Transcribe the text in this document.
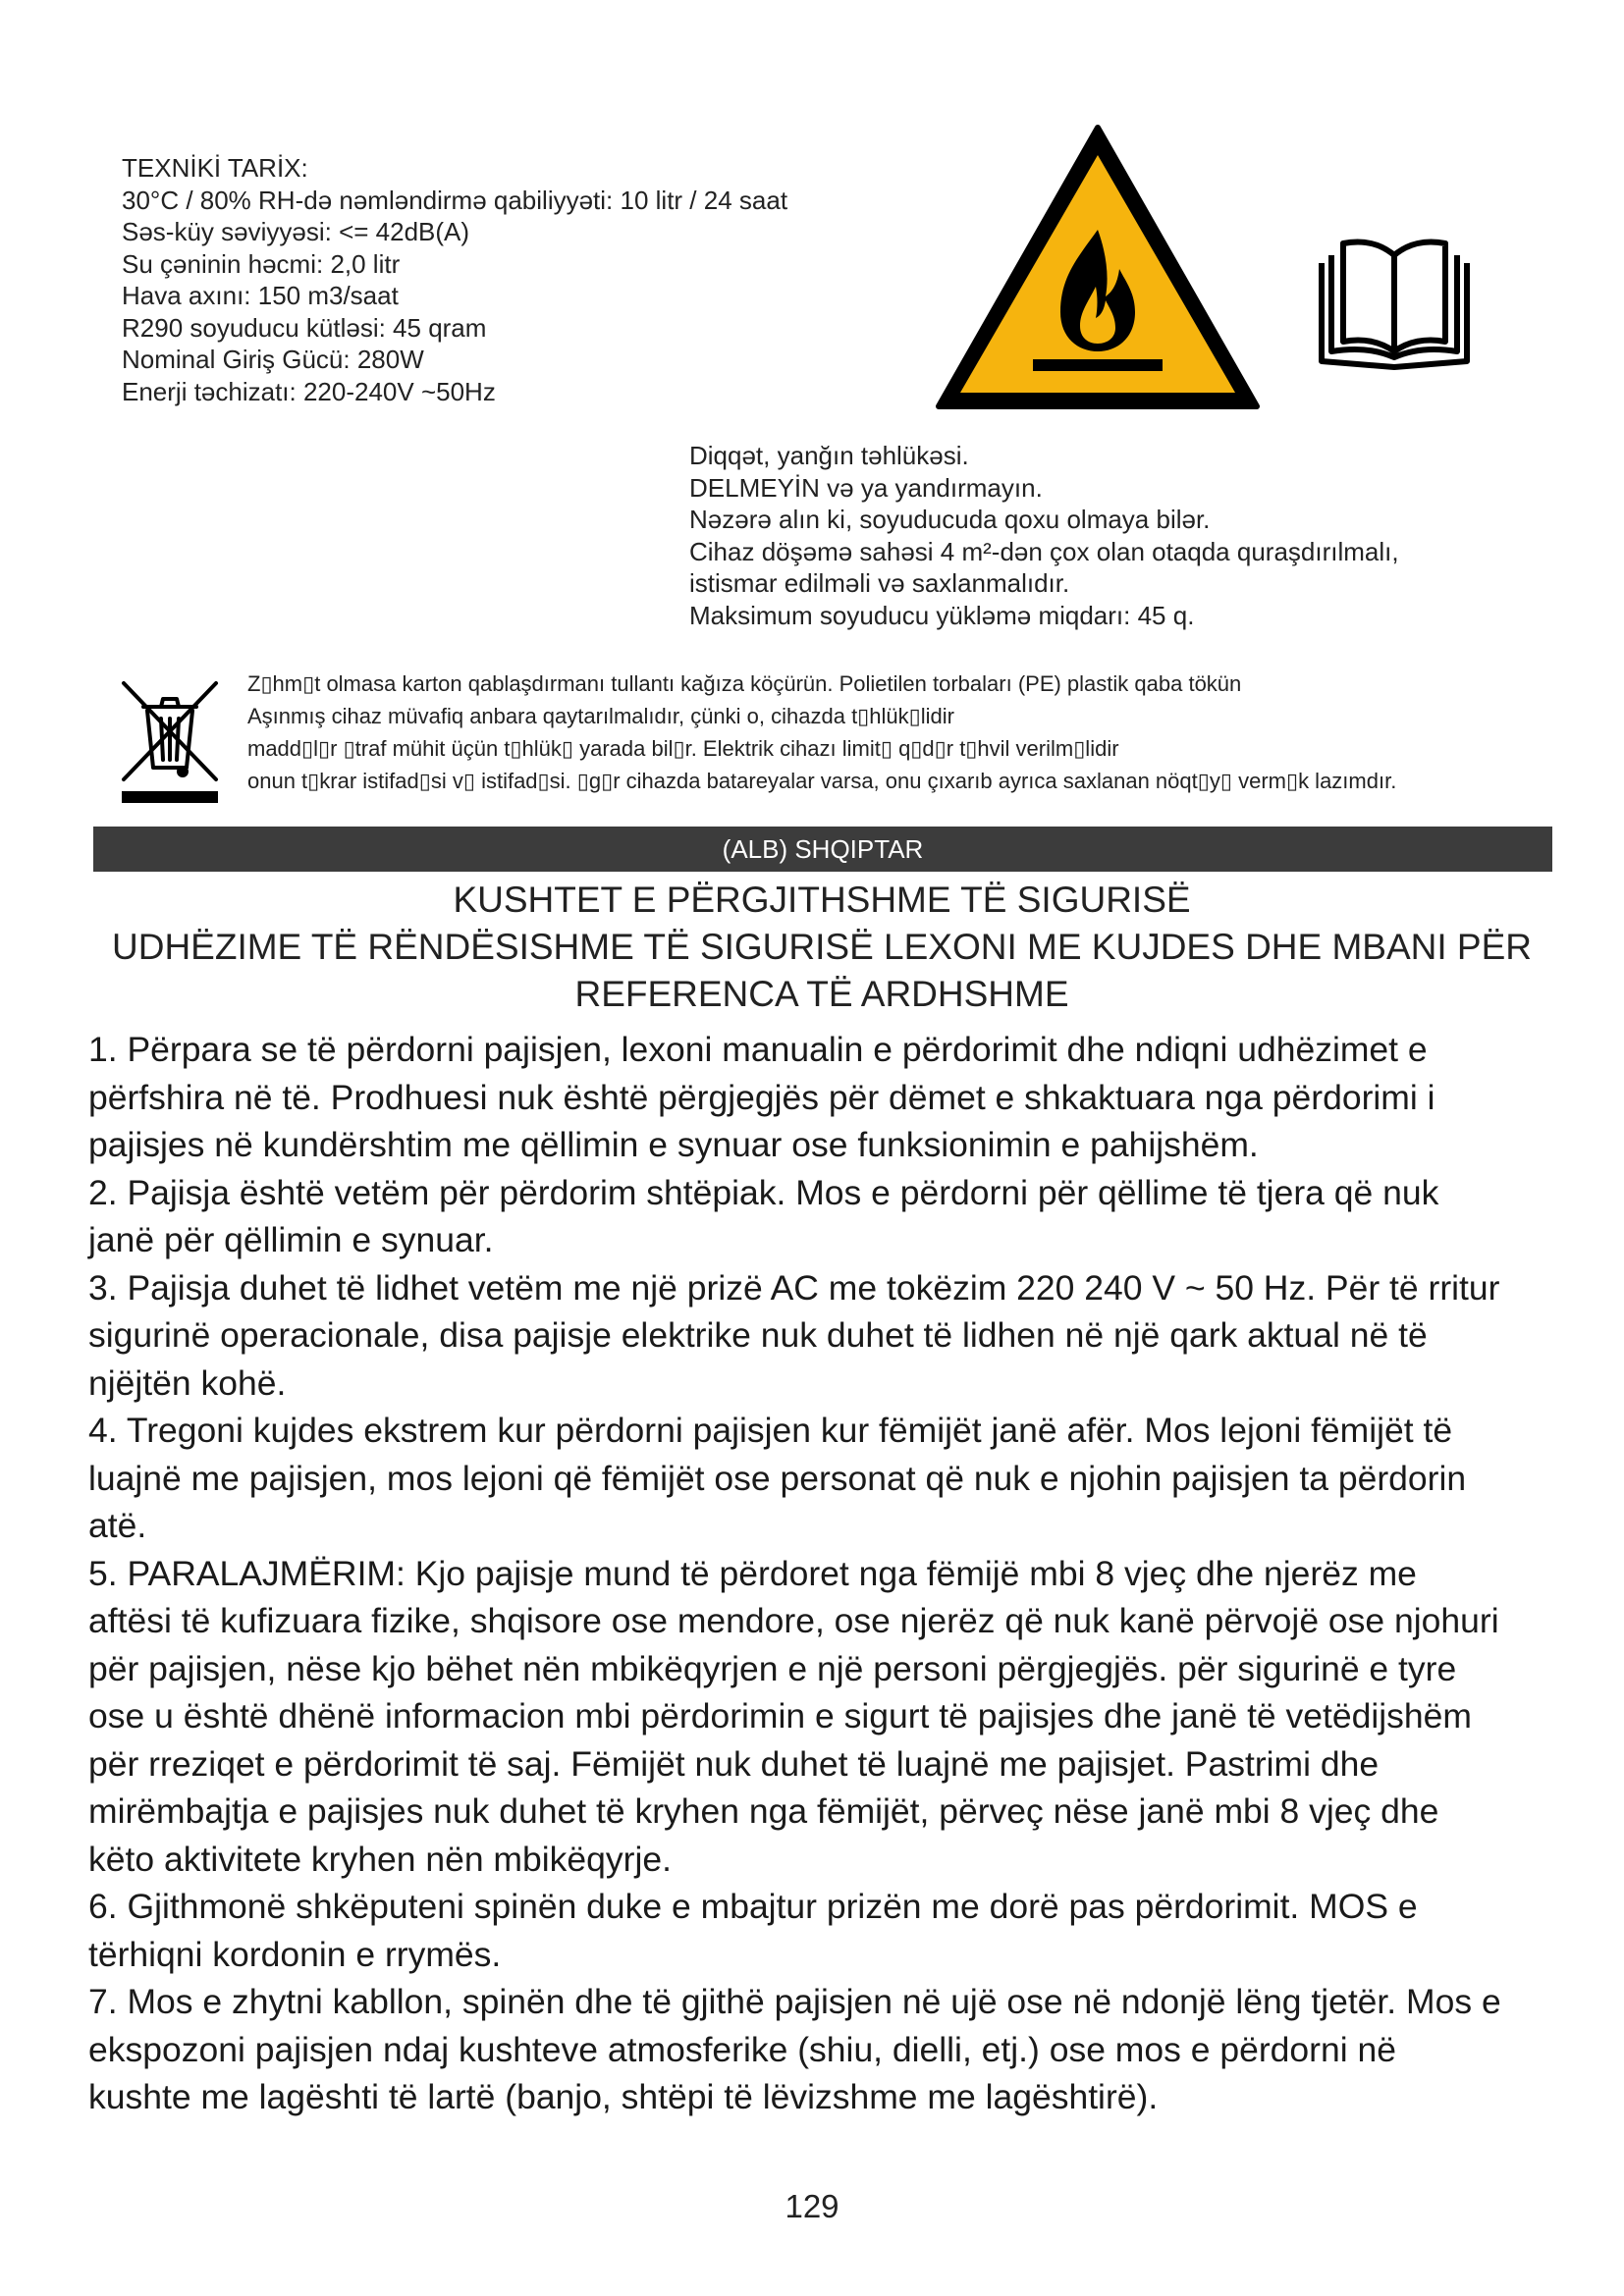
TEXNİKİ TARİX:
30°C / 80% RH-də nəmləndirmə qabiliyyəti: 10 litr / 24 saat
Səs-küy səviyyəsi: <= 42dB(A)
Su çəninin həcmi: 2,0 litr
Hava axını: 150 m3/saat
R290 soyuducu kütləsi: 45 qram
Nominal Giriş Gücü: 280W
Enerji təchizatı: 220-240V ~50Hz
Diqqət, yanğın təhlükəsi.
DELMEYİN və ya yandırmayın.
Nəzərə alın ki, soyuducuda qoxu olmaya bilər.
Cihaz döşəmə sahəsi 4 m²-dən çox olan otaqda quraşdırılmalı,
istismar edilməli və saxlanmalıdır.
Maksimum soyuducu yükləmə miqdarı: 45 q.
Z▯hm▯t olmasa karton qablaşdırmanı tullantı kağıza köçürün. Polietilen torbaları (PE) plastik qaba tökün
Aşınmış cihaz müvafiq anbara qaytarılmalıdır, çünki o, cihazda t▯hlük▯lidir
madd▯l▯r ▯traf mühit üçün t▯hlük▯ yarada bil▯r. Elektrik cihazı limit▯ q▯d▯r t▯hvil verilm▯lidir
onun t▯krar istifad▯si v▯ istifad▯si. ▯g▯r cihazda batareyalar varsa, onu çıxarıb ayrıca saxlanan nöqt▯y▯ verm▯k lazımdır.
(ALB) SHQIPTAR
KUSHTET E PËRGJITHSHME TË SIGURISË
UDHËZIME TË RËNDËSISHME TË SIGURISË LEXONI ME KUJDES DHE MBANI PËR
REFERENCA TË ARDHSHME
1. Përpara se të përdorni pajisjen, lexoni manualin e përdorimit dhe ndiqni udhëzimet e
përfshira në të. Prodhuesi nuk është përgjegjës për dëmet e shkaktuara nga përdorimi i
pajisjes në kundërshtim me qëllimin e synuar ose funksionimin e pahijshëm.
2. Pajisja është vetëm për përdorim shtëpiak. Mos e përdorni për qëllime të tjera që nuk
janë për qëllimin e synuar.
3. Pajisja duhet të lidhet vetëm me një prizë AC me tokëzim 220 240 V ~ 50 Hz. Për të rritur
sigurinë operacionale, disa pajisje elektrike nuk duhet të lidhen në një qark aktual në të
njëjtën kohë.
4. Tregoni kujdes ekstrem kur përdorni pajisjen kur fëmijët janë afër. Mos lejoni fëmijët të
luajnë me pajisjen, mos lejoni që fëmijët ose personat që nuk e njohin pajisjen ta përdorin
atë.
5. PARALAJMËRIM: Kjo pajisje mund të përdoret nga fëmijë mbi 8 vjeç dhe njerëz me
aftësi të kufizuara fizike, shqisore ose mendore, ose njerëz që nuk kanë përvojë ose njohuri
për pajisjen, nëse kjo bëhet nën mbikëqyrjen e një personi përgjegjës. për sigurinë e tyre
ose u është dhënë informacion mbi përdorimin e sigurt të pajisjes dhe janë të vetëdijshëm
për rreziqet e përdorimit të saj. Fëmijët nuk duhet të luajnë me pajisjet. Pastrimi dhe
mirëmbajtja e pajisjes nuk duhet të kryhen nga fëmijët, përveç nëse janë mbi 8 vjeç dhe
këto aktivitete kryhen nën mbikëqyrje.
6. Gjithmonë shkëputeni spinën duke e mbajtur prizën me dorë pas përdorimit. MOS e
tërhiqni kordonin e rrymës.
7. Mos e zhytni kabllon, spinën dhe të gjithë pajisjen në ujë ose në ndonjë lëng tjetër. Mos e
ekspozoni pajisjen ndaj kushteve atmosferike (shiu, dielli, etj.) ose mos e përdorni në
kushte me lagështi të lartë (banjo, shtëpi të lëvizshme me lagështirë).
129
